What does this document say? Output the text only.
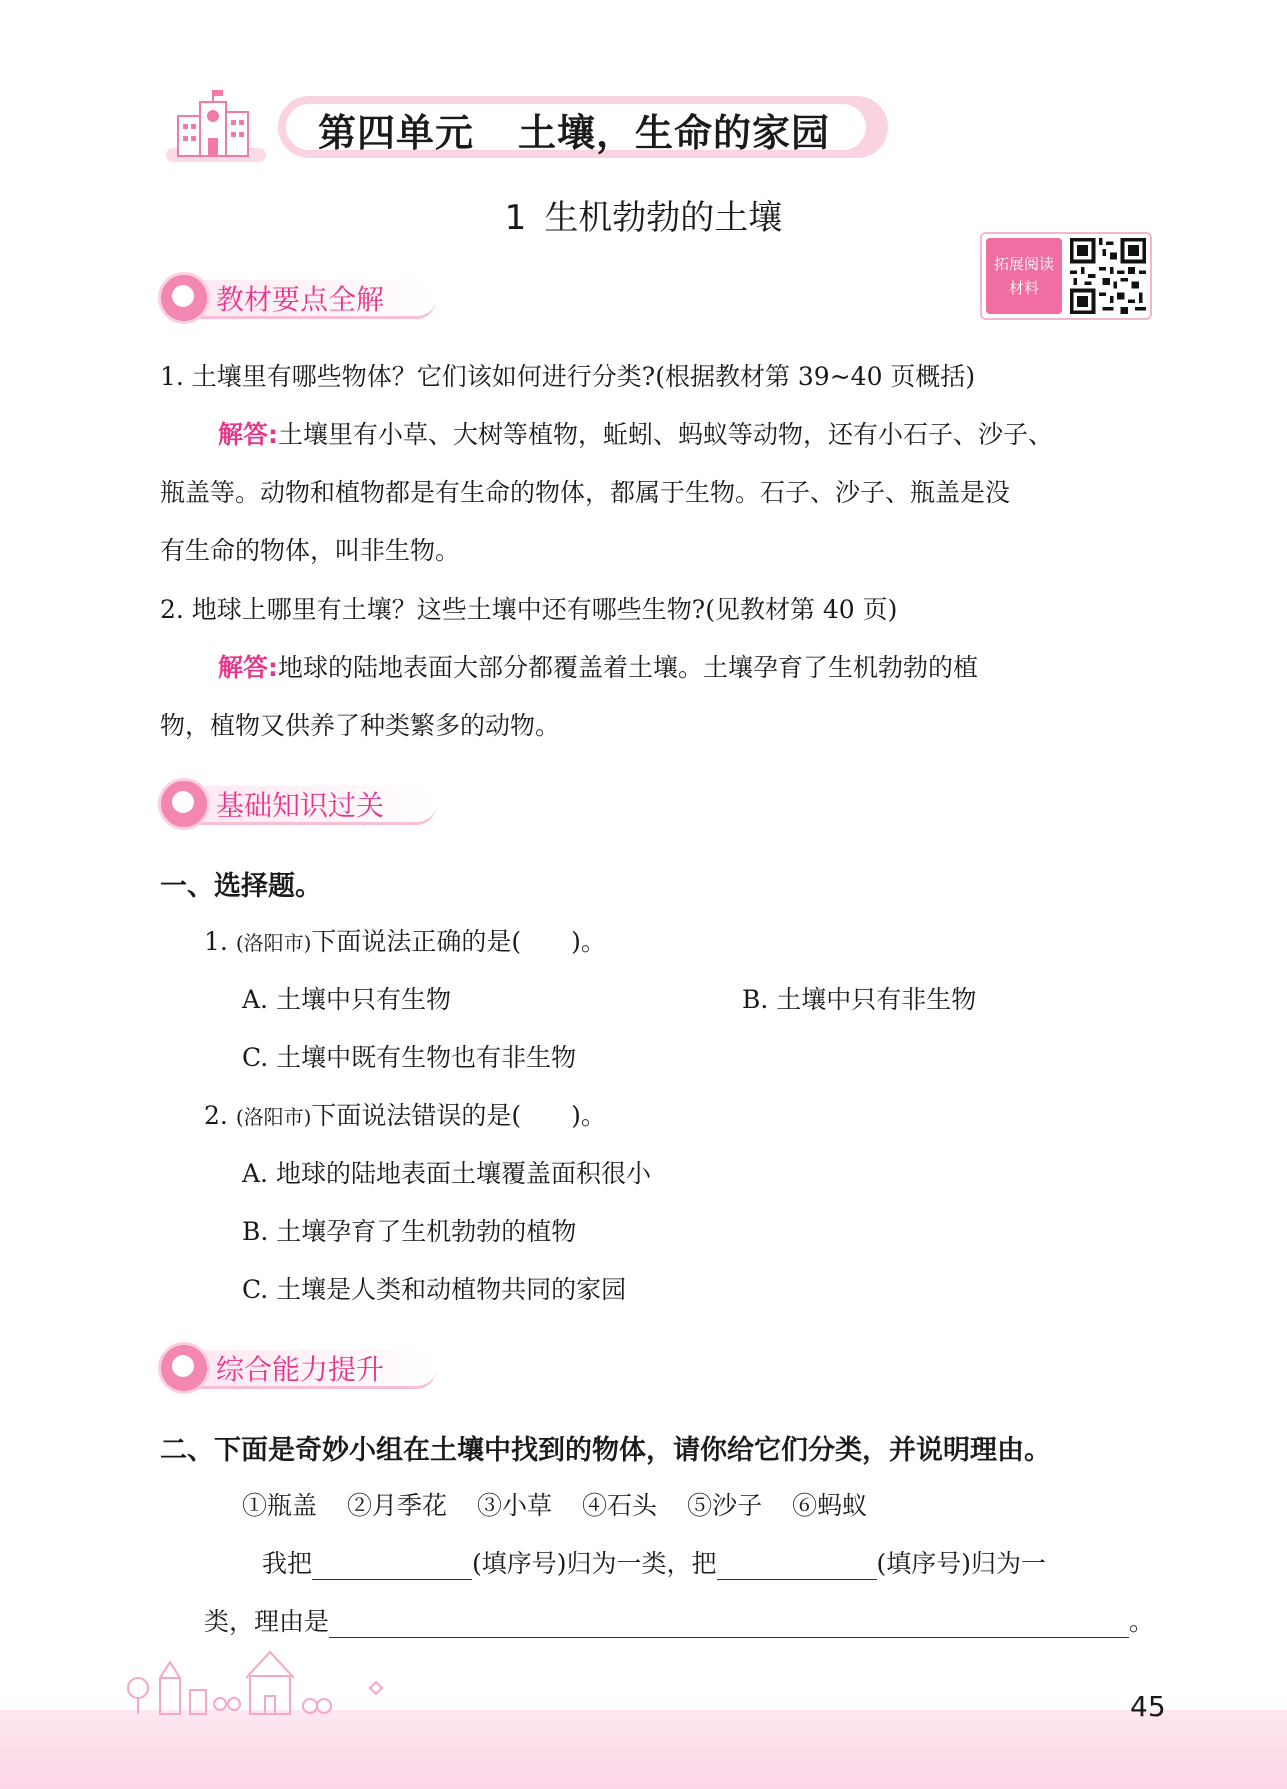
第四单元 土壤，生命的家园
1 生机勃勃的土壤
拓展阅读
材料
教材要点全解
1. 土壤里有哪些物体？它们该如何进行分类?(根据教材第 39~40 页概括)
解答:土壤里有小草、大树等植物，蚯蚓、蚂蚁等动物，还有小石子、沙子、
瓶盖等。动物和植物都是有生命的物体，都属于生物。石子、沙子、瓶盖是没
有生命的物体，叫非生物。
2. 地球上哪里有土壤？这些土壤中还有哪些生物?(见教材第 40 页)
解答:地球的陆地表面大部分都覆盖着土壤。土壤孕育了生机勃勃的植
物，植物又供养了种类繁多的动物。
基础知识过关
一、选择题。
1. (洛阳市)下面说法正确的是(　　)。
A. 土壤中只有生物	B. 土壤中只有非生物
C. 土壤中既有生物也有非生物
2. (洛阳市)下面说法错误的是(　　)。
A. 地球的陆地表面土壤覆盖面积很小
B. 土壤孕育了生机勃勃的植物
C. 土壤是人类和动植物共同的家园
综合能力提升
二、下面是奇妙小组在土壤中找到的物体，请你给它们分类，并说明理由。
①瓶盖 ②月季花 ③小草 ④石头 ⑤沙子 ⑥蚂蚁
我把	(填序号)归为一类，把	(填序号)归为一
类，理由是	。
45
